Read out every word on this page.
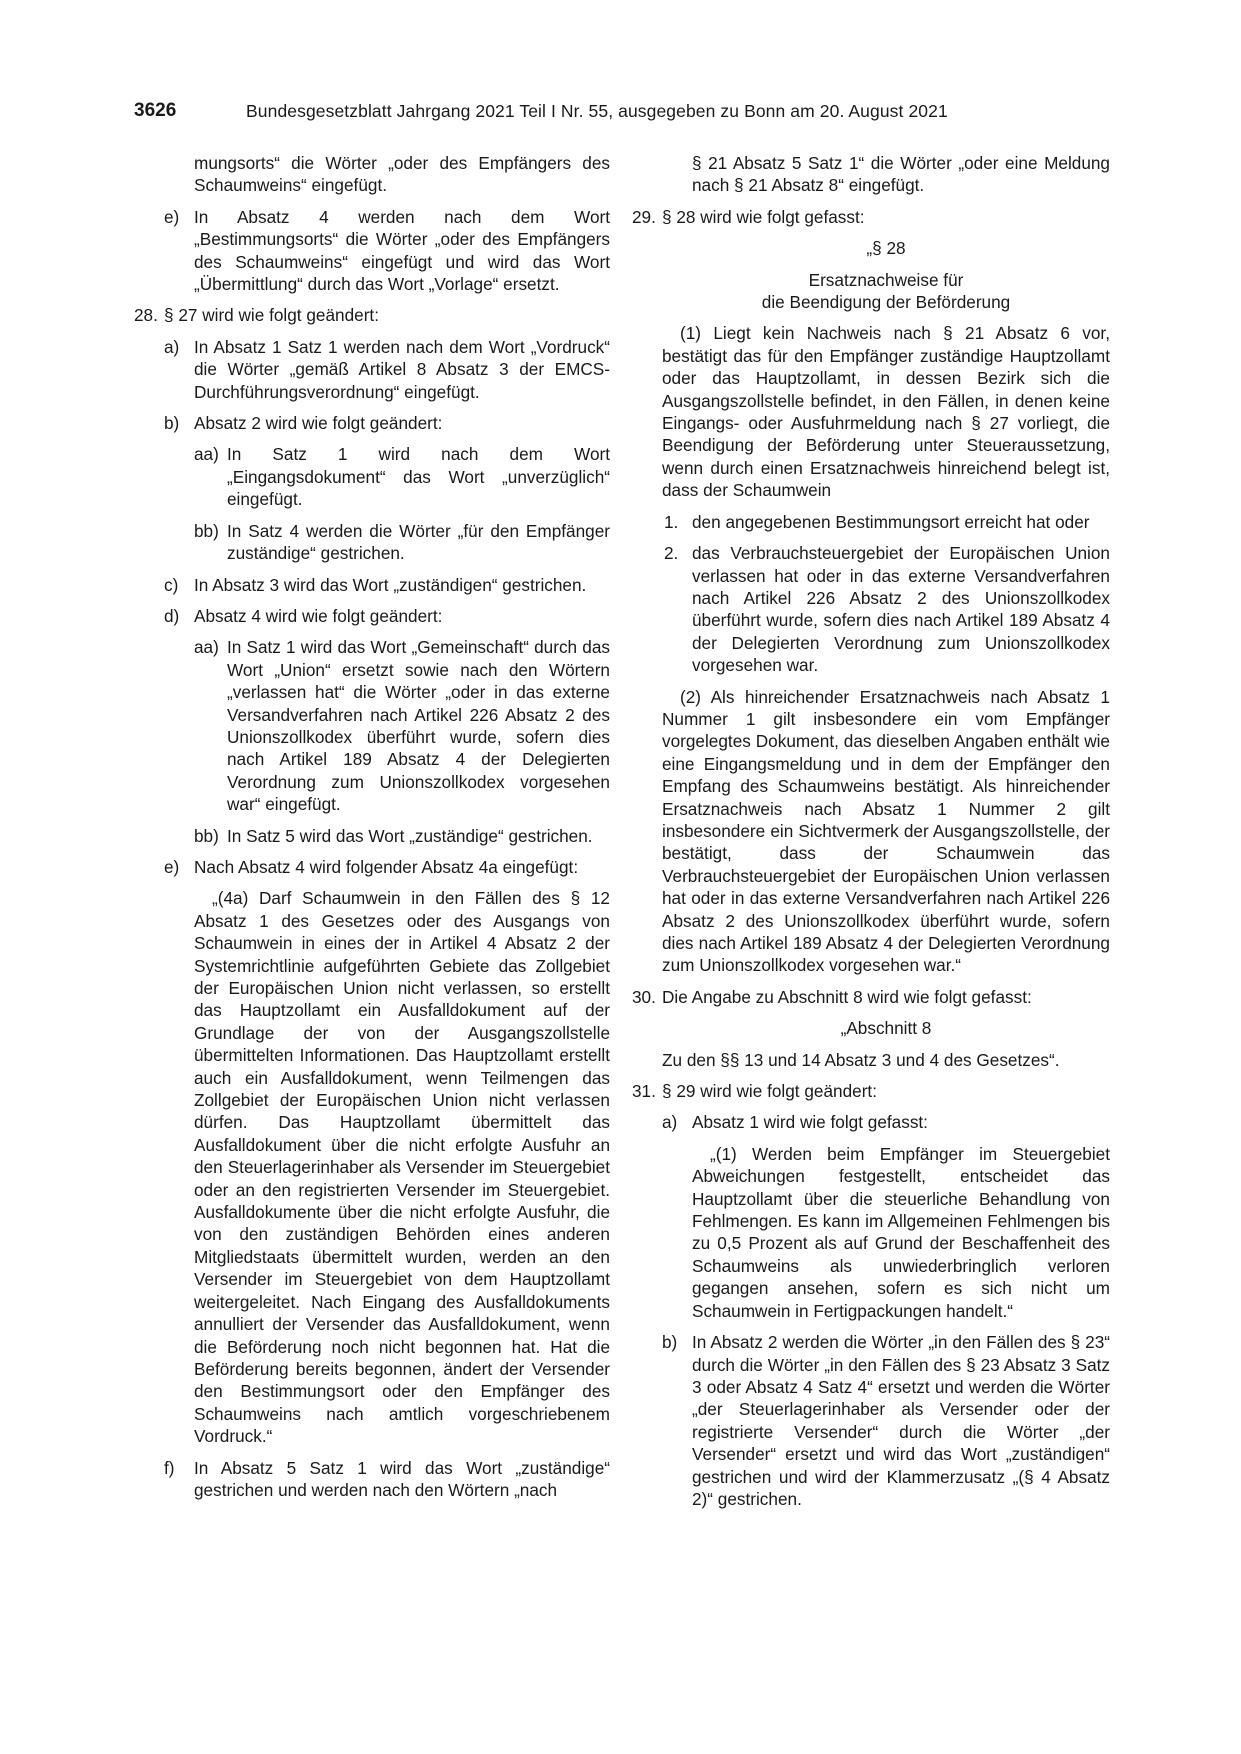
3626	Bundesgesetzblatt Jahrgang 2021 Teil I Nr. 55, ausgegeben zu Bonn am 20. August 2021
mungsorts“ die Wörter „oder des Empfängers des Schaumweins“ eingefügt.
e) In Absatz 4 werden nach dem Wort „Bestimmungsorts“ die Wörter „oder des Empfängers des Schaumweins“ eingefügt und wird das Wort „Übermittlung“ durch das Wort „Vorlage“ ersetzt.
28. § 27 wird wie folgt geändert:
a) In Absatz 1 Satz 1 werden nach dem Wort „Vordruck“ die Wörter „gemäß Artikel 8 Absatz 3 der EMCS-Durchführungsverordnung“ eingefügt.
b) Absatz 2 wird wie folgt geändert:
aa) In Satz 1 wird nach dem Wort „Eingangsdokument“ das Wort „unverzüglich“ eingefügt.
bb) In Satz 4 werden die Wörter „für den Empfänger zuständige“ gestrichen.
c) In Absatz 3 wird das Wort „zuständigen“ gestrichen.
d) Absatz 4 wird wie folgt geändert:
aa) In Satz 1 wird das Wort „Gemeinschaft“ durch das Wort „Union“ ersetzt sowie nach den Wörtern „verlassen hat“ die Wörter „oder in das externe Versandverfahren nach Artikel 226 Absatz 2 des Unionszollkodex überführt wurde, sofern dies nach Artikel 189 Absatz 4 der Delegierten Verordnung zum Unionszollkodex vorgesehen war“ eingefügt.
bb) In Satz 5 wird das Wort „zuständige“ gestrichen.
e) Nach Absatz 4 wird folgender Absatz 4a eingefügt:
„(4a) Darf Schaumwein in den Fällen des § 12 Absatz 1 des Gesetzes oder des Ausgangs von Schaumwein in eines der in Artikel 4 Absatz 2 der Systemrichtlinie aufgeführten Gebiete das Zollgebiet der Europäischen Union nicht verlassen, so erstellt das Hauptzollamt ein Ausfalldokument auf der Grundlage der von der Ausgangszollstelle übermittelten Informationen. Das Hauptzollamt erstellt auch ein Ausfalldokument, wenn Teilmengen das Zollgebiet der Europäischen Union nicht verlassen dürfen. Das Hauptzollamt übermittelt das Ausfalldokument über die nicht erfolgte Ausfuhr an den Steuerlagerinhaber als Versender im Steuergebiet oder an den registrierten Versender im Steuergebiet. Ausfalldokumente über die nicht erfolgte Ausfuhr, die von den zuständigen Behörden eines anderen Mitgliedstaats übermittelt wurden, werden an den Versender im Steuergebiet von dem Hauptzollamt weitergeleitet. Nach Eingang des Ausfalldokuments annulliert der Versender das Ausfalldokument, wenn die Beförderung noch nicht begonnen hat. Hat die Beförderung bereits begonnen, ändert der Versender den Bestimmungsort oder den Empfänger des Schaumweins nach amtlich vorgeschriebenem Vordruck.“
f) In Absatz 5 Satz 1 wird das Wort „zuständige“ gestrichen und werden nach den Wörtern „nach
§ 21 Absatz 5 Satz 1“ die Wörter „oder eine Meldung nach § 21 Absatz 8“ eingefügt.
29. § 28 wird wie folgt gefasst:
„§ 28
Ersatznachweise für
die Beendigung der Beförderung
(1) Liegt kein Nachweis nach § 21 Absatz 6 vor, bestätigt das für den Empfänger zuständige Hauptzollamt oder das Hauptzollamt, in dessen Bezirk sich die Ausgangszollstelle befindet, in den Fällen, in denen keine Eingangs- oder Ausfuhrmeldung nach § 27 vorliegt, die Beendigung der Beförderung unter Steueraussetzung, wenn durch einen Ersatznachweis hinreichend belegt ist, dass der Schaumwein
1. den angegebenen Bestimmungsort erreicht hat oder
2. das Verbrauchsteuergebiet der Europäischen Union verlassen hat oder in das externe Versandverfahren nach Artikel 226 Absatz 2 des Unionszollkodex überführt wurde, sofern dies nach Artikel 189 Absatz 4 der Delegierten Verordnung zum Unionszollkodex vorgesehen war.
(2) Als hinreichender Ersatznachweis nach Absatz 1 Nummer 1 gilt insbesondere ein vom Empfänger vorgelegtes Dokument, das dieselben Angaben enthält wie eine Eingangsmeldung und in dem der Empfänger den Empfang des Schaumweins bestätigt. Als hinreichender Ersatznachweis nach Absatz 1 Nummer 2 gilt insbesondere ein Sichtvermerk der Ausgangszollstelle, der bestätigt, dass der Schaumwein das Verbrauchsteuergebiet der Europäischen Union verlassen hat oder in das externe Versandverfahren nach Artikel 226 Absatz 2 des Unionszollkodex überführt wurde, sofern dies nach Artikel 189 Absatz 4 der Delegierten Verordnung zum Unionszollkodex vorgesehen war.“
30. Die Angabe zu Abschnitt 8 wird wie folgt gefasst:
„Abschnitt 8
Zu den §§ 13 und 14 Absatz 3 und 4 des Gesetzes“.
31. § 29 wird wie folgt geändert:
a) Absatz 1 wird wie folgt gefasst:
„(1) Werden beim Empfänger im Steuergebiet Abweichungen festgestellt, entscheidet das Hauptzollamt über die steuerliche Behandlung von Fehlmengen. Es kann im Allgemeinen Fehlmengen bis zu 0,5 Prozent als auf Grund der Beschaffenheit des Schaumweins als unwiederbringlich verloren gegangen ansehen, sofern es sich nicht um Schaumwein in Fertigpackungen handelt.“
b) In Absatz 2 werden die Wörter „in den Fällen des § 23“ durch die Wörter „in den Fällen des § 23 Absatz 3 Satz 3 oder Absatz 4 Satz 4“ ersetzt und werden die Wörter „der Steuerlagerinhaber als Versender oder der registrierte Versender“ durch die Wörter „der Versender“ ersetzt und wird das Wort „zuständigen“ gestrichen und wird der Klammerzusatz „(§ 4 Absatz 2)“ gestrichen.
